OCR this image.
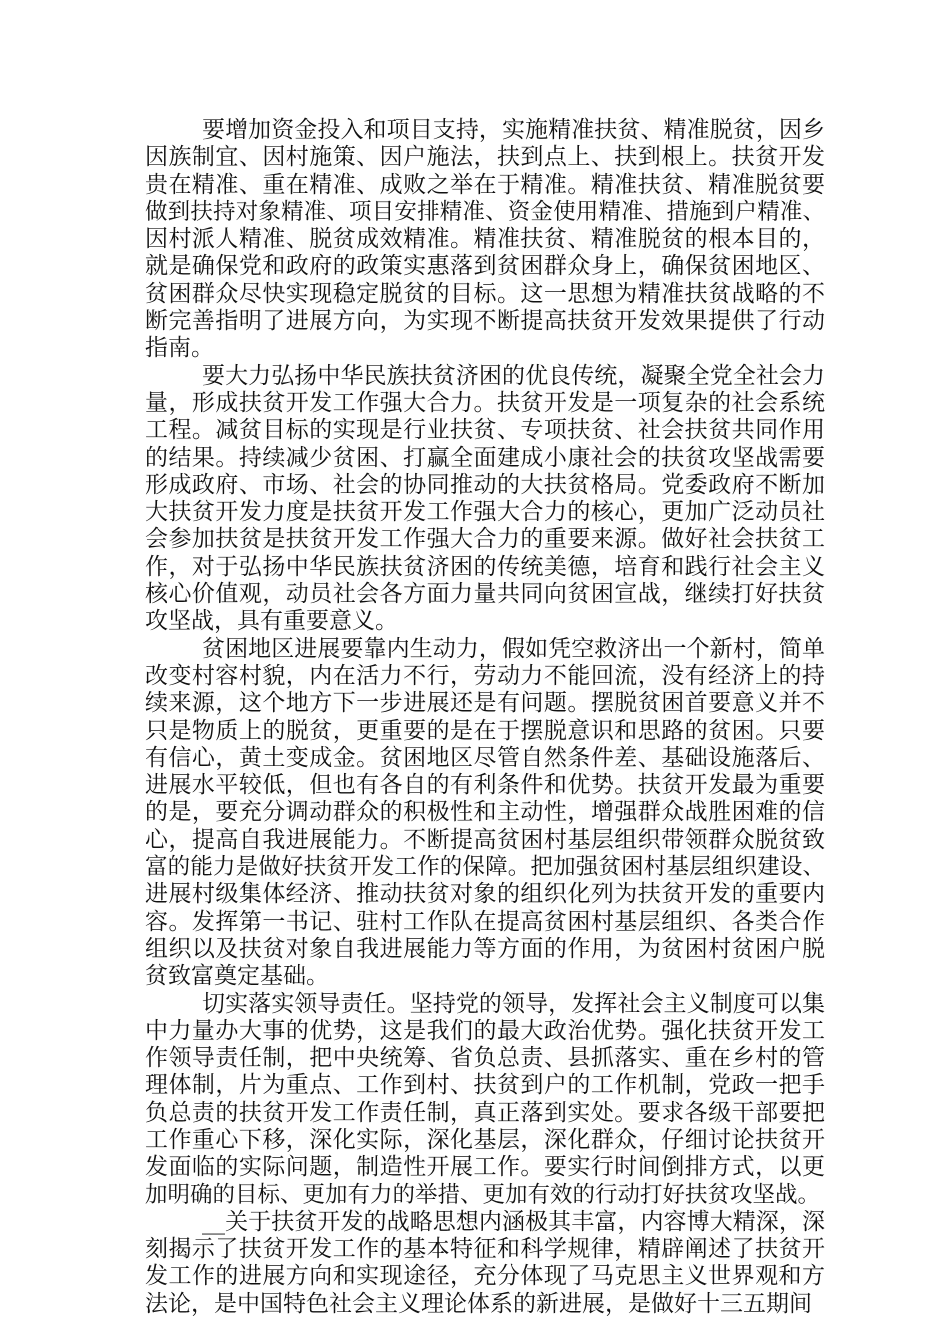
要增加资金投入和项目支持，实施精准扶贫、精准脱贫，因乡
因族制宜、因村施策、因户施法，扶到点上、扶到根上。扶贫开发
贵在精准、重在精准、成败之举在于精准。精准扶贫、精准脱贫要
做到扶持对象精准、项目安排精准、资金使用精准、措施到户精准、
因村派人精准、脱贫成效精准。精准扶贫、精准脱贫的根本目的，
就是确保党和政府的政策实惠落到贫困群众身上，确保贫困地区、
贫困群众尽快实现稳定脱贫的目标。这一思想为精准扶贫战略的不
断完善指明了进展方向，为实现不断提高扶贫开发效果提供了行动
指南。
要大力弘扬中华民族扶贫济困的优良传统，凝聚全党全社会力
量，形成扶贫开发工作强大合力。扶贫开发是一项复杂的社会系统
工程。减贫目标的实现是行业扶贫、专项扶贫、社会扶贫共同作用
的结果。持续减少贫困、打赢全面建成小康社会的扶贫攻坚战需要
形成政府、市场、社会的协同推动的大扶贫格局。党委政府不断加
大扶贫开发力度是扶贫开发工作强大合力的核心，更加广泛动员社
会参加扶贫是扶贫开发工作强大合力的重要来源。做好社会扶贫工
作，对于弘扬中华民族扶贫济困的传统美德，培育和践行社会主义
核心价值观，动员社会各方面力量共同向贫困宣战，继续打好扶贫
攻坚战，具有重要意义。
贫困地区进展要靠内生动力，假如凭空救济出一个新村，简单
改变村容村貌，内在活力不行，劳动力不能回流，没有经济上的持
续来源，这个地方下一步进展还是有问题。摆脱贫困首要意义并不
只是物质上的脱贫，更重要的是在于摆脱意识和思路的贫困。只要
有信心，黄土变成金。贫困地区尽管自然条件差、基础设施落后、
进展水平较低，但也有各自的有利条件和优势。扶贫开发最为重要
的是，要充分调动群众的积极性和主动性，增强群众战胜困难的信
心，提高自我进展能力。不断提高贫困村基层组织带领群众脱贫致
富的能力是做好扶贫开发工作的保障。把加强贫困村基层组织建设、
进展村级集体经济、推动扶贫对象的组织化列为扶贫开发的重要内
容。发挥第一书记、驻村工作队在提高贫困村基层组织、各类合作
组织以及扶贫对象自我进展能力等方面的作用，为贫困村贫困户脱
贫致富奠定基础。
切实落实领导责任。坚持党的领导，发挥社会主义制度可以集
中力量办大事的优势，这是我们的最大政治优势。强化扶贫开发工
作领导责任制，把中央统筹、省负总责、县抓落实、重在乡村的管
理体制，片为重点、工作到村、扶贫到户的工作机制，党政一把手
负总责的扶贫开发工作责任制，真正落到实处。要求各级干部要把
工作重心下移，深化实际，深化基层，深化群众，仔细讨论扶贫开
发面临的实际问题，制造性开展工作。要实行时间倒排方式，以更
加明确的目标、更加有力的举措、更加有效的行动打好扶贫攻坚战。
__关于扶贫开发的战略思想内涵极其丰富，内容博大精深，深
刻揭示了扶贫开发工作的基本特征和科学规律，精辟阐述了扶贫开
发工作的进展方向和实现途径，充分体现了马克思主义世界观和方
法论，是中国特色社会主义理论体系的新进展，是做好十三五期间
